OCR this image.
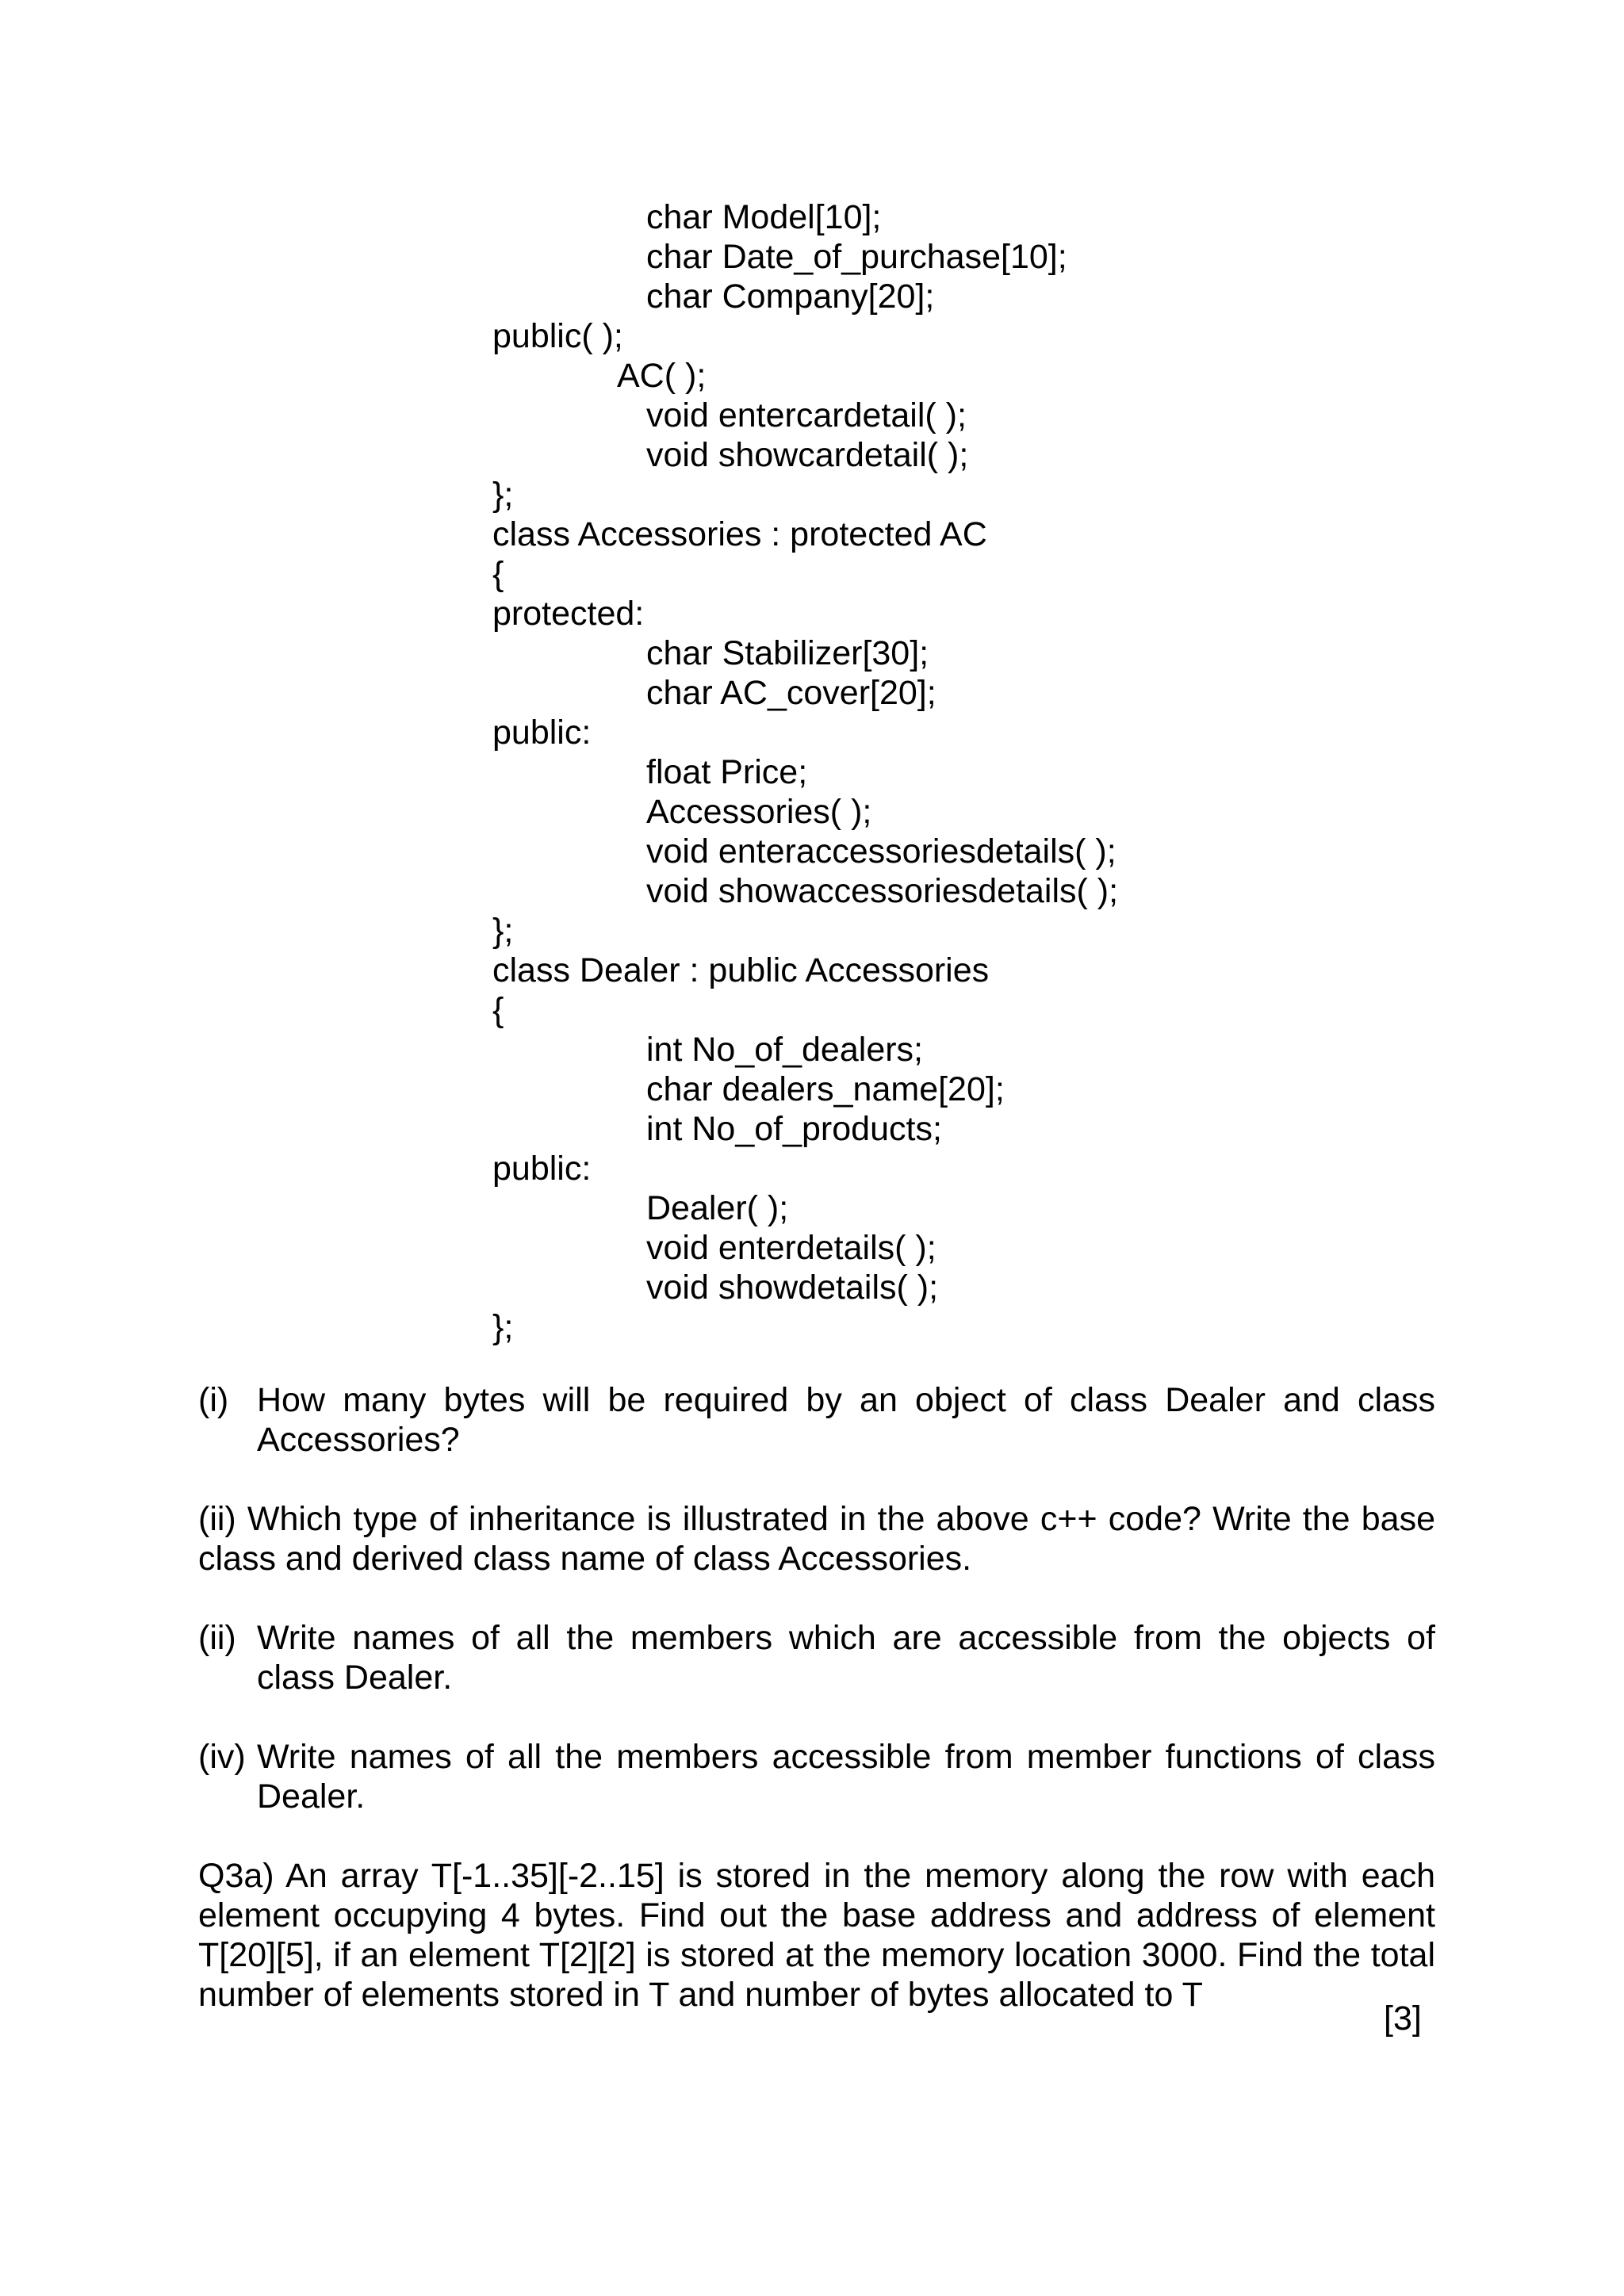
char Model[10];
char Date_of_purchase[10];
char Company[20];
public( );
AC( );
void entercardetail( );
void showcardetail( );
};
class Accessories : protected AC
{
protected:
char Stabilizer[30];
char AC_cover[20];
public:
float Price;
Accessories( );
void enteraccessoriesdetails( );
void showaccessoriesdetails( );
};
class Dealer : public Accessories
{
int No_of_dealers;
char dealers_name[20];
int No_of_products;
public:
Dealer( );
void enterdetails( );
void showdetails( );
};
(i) How many bytes will be required by an object of class Dealer and class Accessories?
(ii) Which type of inheritance is illustrated in the above c++ code? Write the base class and derived class name of class Accessories.
(ii) Write names of all the members which are accessible from the objects of class Dealer.
(iv) Write names of all the members accessible from member functions of class Dealer.
Q3a) An array T[-1..35][-2..15] is stored in the memory along the row with each element occupying 4 bytes. Find out the base address and address of element T[20][5], if an element T[2][2] is stored at the memory location 3000. Find the total number of elements stored in T and number of bytes allocated to T
[3]
